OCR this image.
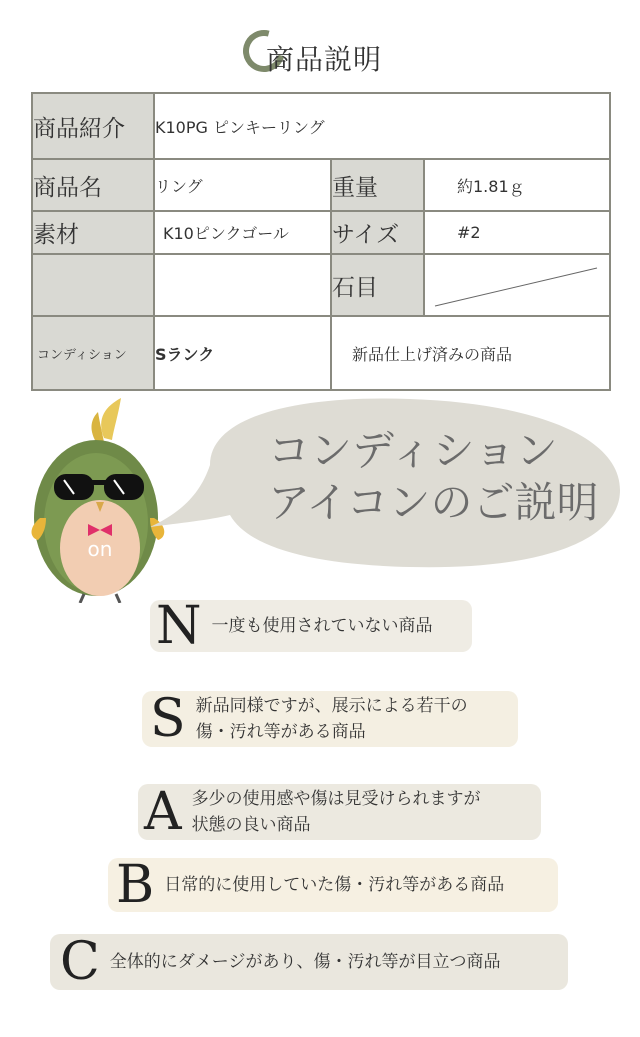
商品説明
商品紹介	K10PG ピンキーリング		
商品名	リング	重量	約1.81ｇ
素材	K10ピンクゴール	サイズ	#2
		石目	

コンディション	Sランク	新品仕上げ済みの商品	
on
コンディション
アイコンのご説明
N 一度も使用されていない商品
S 新品同様ですが、展示による若干の
傷・汚れ等がある商品
A 多少の使用感や傷は見受けられますが
状態の良い商品
B 日常的に使用していた傷・汚れ等がある商品
C 全体的にダメージがあり、傷・汚れ等が目立つ商品
